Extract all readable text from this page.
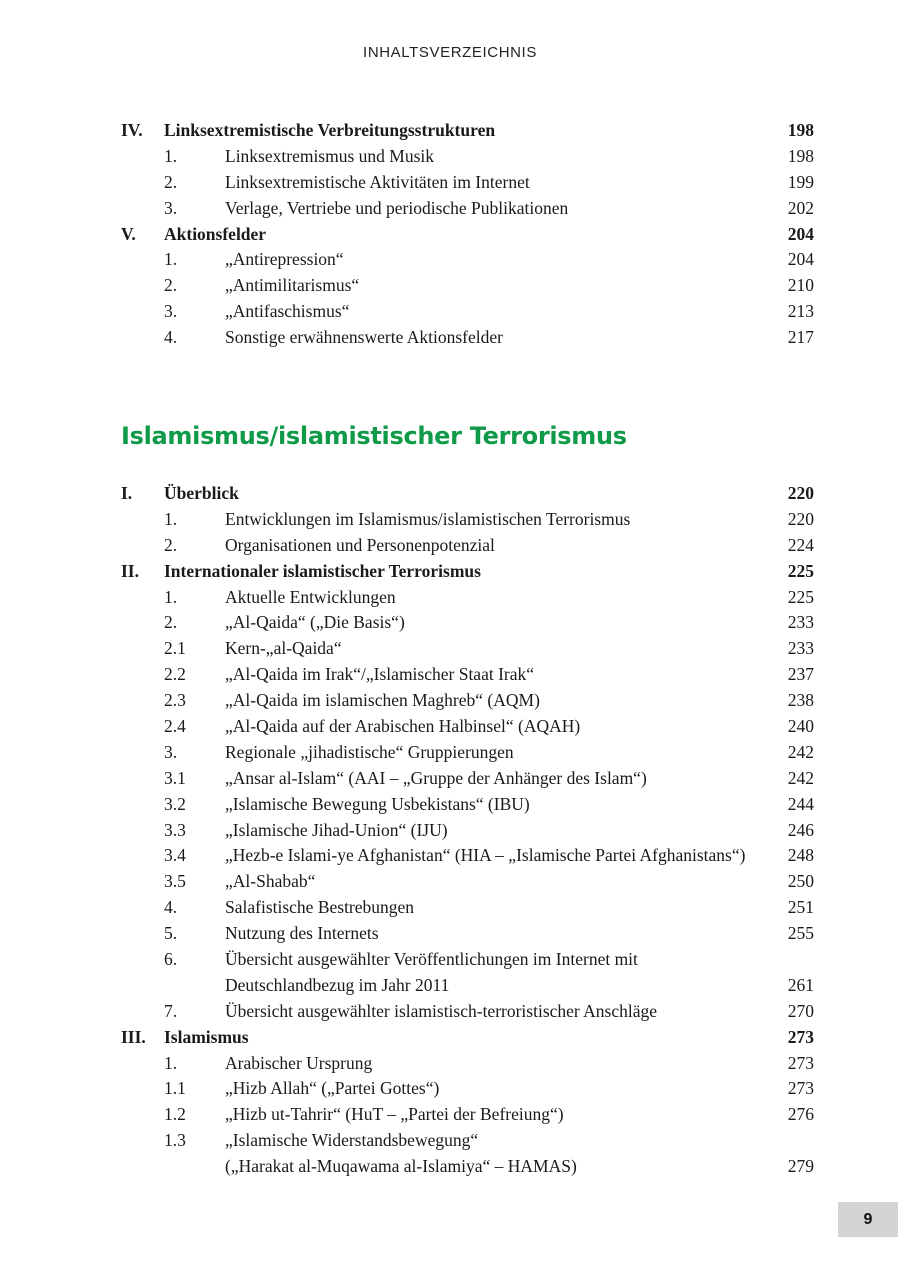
INHALTSVERZEICHNIS
IV. Linksextremistische Verbreitungsstrukturen	198
1.	Linksextremismus und Musik	198
2.	Linksextremistische Aktivitäten im Internet	199
3.	Verlage, Vertriebe und periodische Publikationen	202
V. Aktionsfelder	204
1.	„Antirepression“	204
2.	„Antimilitarismus“	210
3.	„Antifaschismus“	213
4.	Sonstige erwähnenswerte Aktionsfelder	217
Islamismus/islamistischer Terrorismus
I. Überblick	220
1.	Entwicklungen im Islamismus/islamistischen Terrorismus	220
2.	Organisationen und Personenpotenzial	224
II. Internationaler islamistischer Terrorismus	225
1.	Aktuelle Entwicklungen	225
2.	„Al-Qaida“ („Die Basis“)	233
2.1 Kern-„al-Qaida“	233
2.2 „Al-Qaida im Irak“/„Islamischer Staat Irak“	237
2.3 „Al-Qaida im islamischen Maghreb“ (AQM)	238
2.4 „Al-Qaida auf der Arabischen Halbinsel“ (AQAH)	240
3.	Regionale „jihadistische“ Gruppierungen	242
3.1 „Ansar al-Islam“ (AAI – „Gruppe der Anhänger des Islam“)	242
3.2 „Islamische Bewegung Usbekistans“ (IBU)	244
3.3 „Islamische Jihad-Union“ (IJU)	246
3.4 „Hezb-e Islami-ye Afghanistan“ (HIA – „Islamische Partei Afghanistans“) 248
3.5 „Al-Shabab“	250
4.	Salafistische Bestrebungen	251
5.	Nutzung des Internets	255
6.	Übersicht ausgewählter Veröffentlichungen im Internet mit
Deutschlandbezug im Jahr 2011	261
7.	Übersicht ausgewählter islamistisch-terroristischer Anschläge	270
III. Islamismus	273
1.	Arabischer Ursprung	273
1.1 „Hizb Allah“ („Partei Gottes“)	273
1.2 „Hizb ut-Tahrir“ (HuT – „Partei der Befreiung“)	276
1.3 „Islamische Widerstandsbewegung“
(„Harakat al-Muqawama al-Islamiya“ – HAMAS)	279
9
